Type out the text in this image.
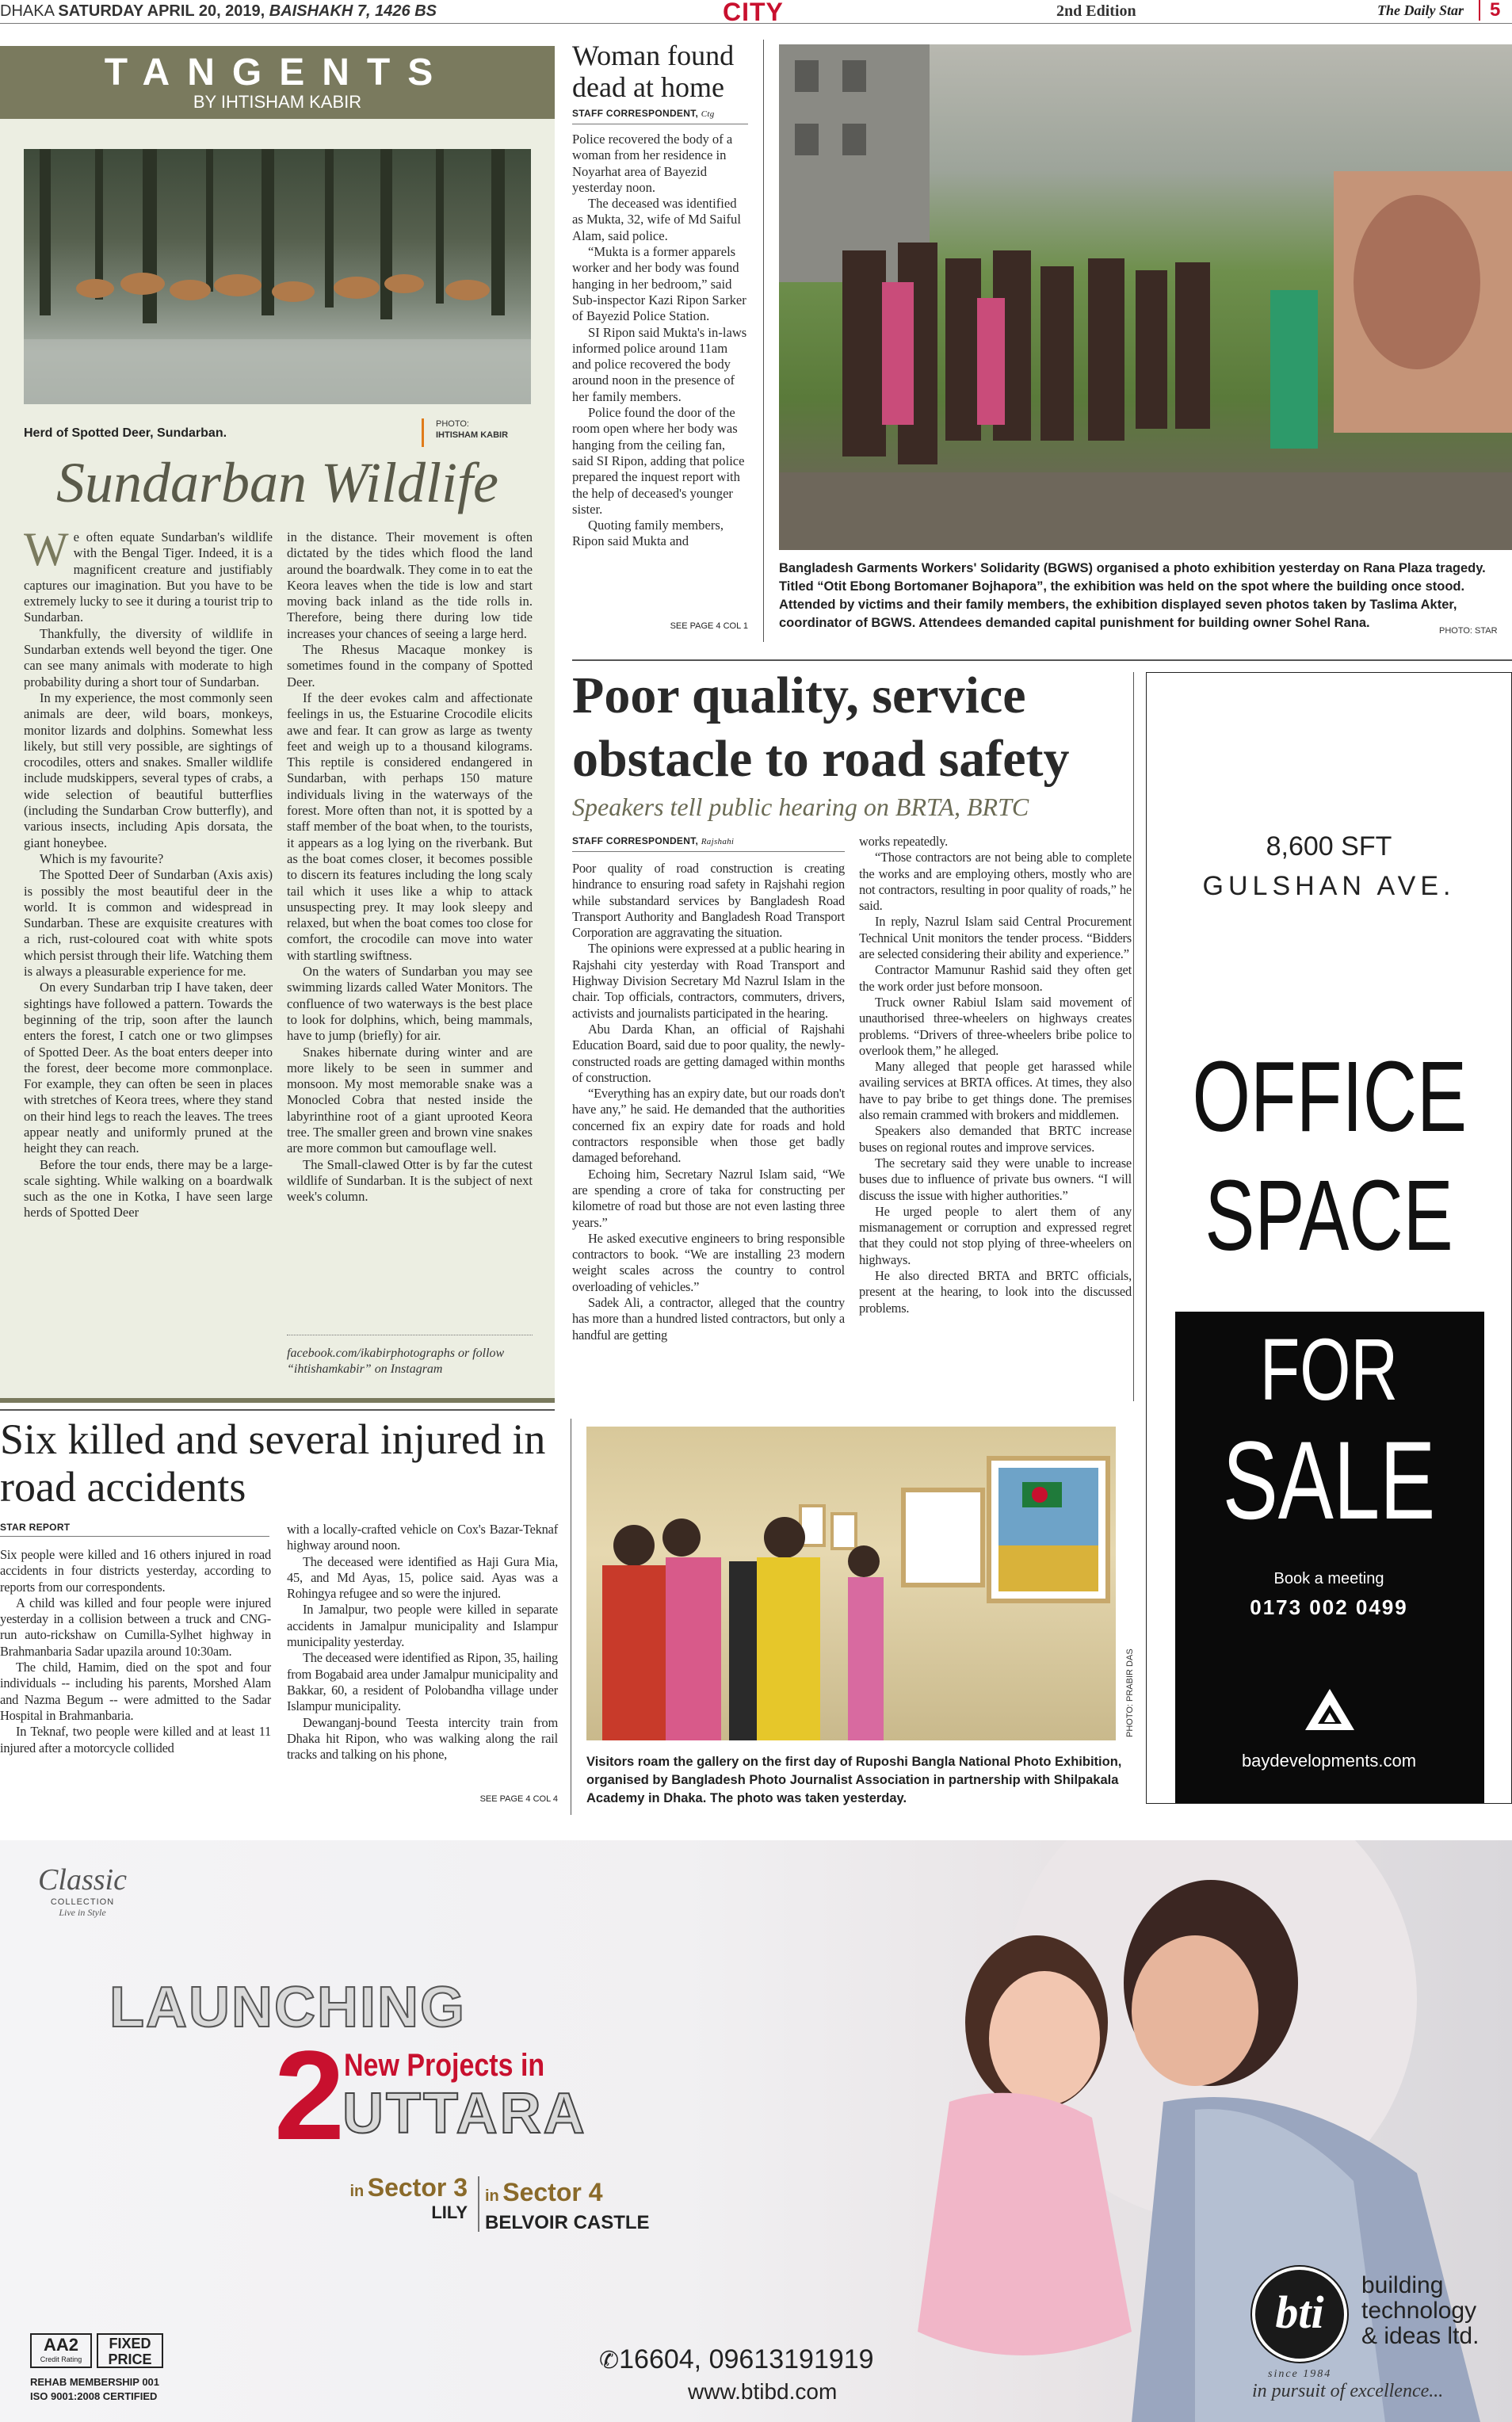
DHAKA SATURDAY APRIL 20, 2019, BAISHAKH 7, 1426 BS	CITY	2nd Edition	The Daily Star 5
TANGENTS
BY IHTISHAM KABIR
Herd of Spotted Deer, Sundarban.
PHOTO:
IHTISHAM KABIR
Sundarban Wildlife

We often equate Sundarban's wildlife with the Bengal Tiger. Indeed, it is a magnificent creature and justifiably captures our imagination. But you have to be extremely lucky to see it during a tourist trip to Sundarban.

Thankfully, the diversity of wildlife in Sundarban extends well beyond the tiger. One can see many animals with moderate to high probability during a short tour of Sundarban.

In my experience, the most commonly seen animals are deer, wild boars, monkeys, monitor lizards and dolphins. Somewhat less likely, but still very possible, are sightings of crocodiles, otters and snakes. Smaller wildlife include mudskippers, several types of crabs, a wide selection of beautiful butterflies (including the Sundarban Crow butterfly), and various insects, including Apis dorsata, the giant honeybee.

Which is my favourite?

The Spotted Deer of Sundarban (Axis axis) is possibly the most beautiful deer in the world. It is common and widespread in Sundarban. These are exquisite creatures with a rich, rust-coloured coat with white spots which persist through their life. Watching them is always a pleasurable experience for me.

On every Sundarban trip I have taken, deer sightings have followed a pattern. Towards the beginning of the trip, soon after the launch enters the forest, I catch one or two glimpses of Spotted Deer. As the boat enters deeper into the forest, deer become more commonplace. For example, they can often be seen in places with stretches of Keora trees, where they stand on their hind legs to reach the leaves. The trees appear neatly and uniformly pruned at the height they can reach.

Before the tour ends, there may be a large-scale sighting. While walking on a boardwalk such as the one in Kotka, I have seen large herds of Spotted Deer

in the distance. Their movement is often dictated by the tides which flood the land around the boardwalk. They come in to eat the Keora leaves when the tide is low and start moving back inland as the tide rolls in. Therefore, being there during low tide increases your chances of seeing a large herd.

The Rhesus Macaque monkey is sometimes found in the company of Spotted Deer.

If the deer evokes calm and affectionate feelings in us, the Estuarine Crocodile elicits awe and fear. It can grow as large as twenty feet and weigh up to a thousand kilograms. This reptile is considered endangered in Sundarban, with perhaps 150 mature individuals living in the waterways of the forest. More often than not, it is spotted by a staff member of the boat when, to the tourists, it appears as a log lying on the riverbank. But as the boat comes closer, it becomes possible to discern its features including the long scaly tail which it uses like a whip to attack unsuspecting prey. It may look sleepy and relaxed, but when the boat comes too close for comfort, the crocodile can move into water with startling swiftness.

On the waters of Sundarban you may see swimming lizards called Water Monitors. The confluence of two waterways is the best place to look for dolphins, which, being mammals, have to jump (briefly) for air.

Snakes hibernate during winter and are more likely to be seen in summer and monsoon. My most memorable snake was a Monocled Cobra that nested inside the labyrinthine root of a giant uprooted Keora tree. The smaller green and brown vine snakes are more common but camouflage well.

The Small-clawed Otter is by far the cutest wildlife of Sundarban. It is the subject of next week's column.

facebook.com/ikabirphotographs or follow “ihtishamkabir” on Instagram
Woman found dead at home
STAFF CORRESPONDENT, Ctg

Police recovered the body of a woman from her residence in Noyarhat area of Bayezid yesterday noon.

The deceased was identified as Mukta, 32, wife of Md Saiful Alam, said police.

“Mukta is a former apparels worker and her body was found hanging in her bedroom,” said Sub-inspector Kazi Ripon Sarker of Bayezid Police Station.

SI Ripon said Mukta's in-laws informed police around 11am and police recovered the body around noon in the presence of her family members.

Police found the door of the room open where her body was hanging from the ceiling fan, said SI Ripon, adding that police prepared the inquest report with the help of deceased's younger sister.

Quoting family members, Ripon said Mukta and

SEE PAGE 4 COL 1
Bangladesh Garments Workers' Solidarity (BGWS) organised a photo exhibition yesterday on Rana Plaza tragedy. Titled “Otit Ebong Bortomaner Bojhapora”, the exhibition was held on the spot where the building once stood. Attended by victims and their family members, the exhibition displayed seven photos taken by Taslima Akter, coordinator of BGWS. Attendees demanded capital punishment for building owner Sohel Rana.
PHOTO: STAR
Poor quality, service obstacle to road safety
Speakers tell public hearing on BRTA, BRTC
STAFF CORRESPONDENT, Rajshahi

Poor quality of road construction is creating hindrance to ensuring road safety in Rajshahi region while substandard services by Bangladesh Road Transport Authority and Bangladesh Road Transport Corporation are aggravating the situation.

The opinions were expressed at a public hearing in Rajshahi city yesterday with Road Transport and Highway Division Secretary Md Nazrul Islam in the chair. Top officials, contractors, commuters, drivers, activists and journalists participated in the hearing.

Abu Darda Khan, an official of Rajshahi Education Board, said due to poor quality, the newly-constructed roads are getting damaged within months of construction.

“Everything has an expiry date, but our roads don't have any,” he said. He demanded that the authorities concerned fix an expiry date for roads and hold contractors responsible when those get badly damaged beforehand.

Echoing him, Secretary Nazrul Islam said, “We are spending a crore of taka for constructing per kilometre of road but those are not even lasting three years.”

He asked executive engineers to bring responsible contractors to book. “We are installing 23 modern weight scales across the country to control overloading of vehicles.”

Sadek Ali, a contractor, alleged that the country has more than a hundred listed contractors, but only a handful are getting

works repeatedly.

“Those contractors are not being able to complete the works and are employing others, mostly who are not contractors, resulting in poor quality of roads,” he said.

In reply, Nazrul Islam said Central Procurement Technical Unit monitors the tender process. “Bidders are selected considering their ability and experience.”

Contractor Mamunur Rashid said they often get the work order just before monsoon.

Truck owner Rabiul Islam said movement of unauthorised three-wheelers on highways creates problems. “Drivers of three-wheelers bribe police to overlook them,” he alleged.

Many alleged that people get harassed while availing services at BRTA offices. At times, they also have to pay bribe to get things done. The premises also remain crammed with brokers and middlemen.

Speakers also demanded that BRTC increase buses on regional routes and improve services.

The secretary said they were unable to increase buses due to influence of private bus owners. “I will discuss the issue with higher authorities.”

He urged people to alert them of any mismanagement or corruption and expressed regret that they could not stop plying of three-wheelers on highways.

He also directed BRTA and BRTC officials, present at the hearing, to look into the discussed problems.

8,600 SFT
GULSHAN AVE.
OFFICE
SPACE
FOR
SALE
Book a meeting
0173 002 0499
baydevelopments.com
Six killed and several injured in road accidents
STAR REPORT

Six people were killed and 16 others injured in road accidents in four districts yesterday, according to reports from our correspondents.

A child was killed and four people were injured yesterday in a collision between a truck and CNG-run auto-rickshaw on Cumilla-Sylhet highway in Brahmanbaria Sadar upazila around 10:30am.

The child, Hamim, died on the spot and four individuals -- including his parents, Morshed Alam and Nazma Begum -- were admitted to the Sadar Hospital in Brahmanbaria.

In Teknaf, two people were killed and at least 11 injured after a motorcycle collided

with a locally-crafted vehicle on Cox's Bazar-Teknaf highway around noon.

The deceased were identified as Haji Gura Mia, 45, and Md Ayas, 15, police said. Ayas was a Rohingya refugee and so were the injured.

In Jamalpur, two people were killed in separate accidents in Jamalpur municipality and Islampur municipality yesterday.

The deceased were identified as Ripon, 35, hailing from Bogabaid area under Jamalpur municipality and Bakkar, 60, a resident of Polobandha village under Islampur municipality.

Dewanganj-bound Teesta intercity train from Dhaka hit Ripon, who was walking along the rail tracks and talking on his phone,

SEE PAGE 4 COL 4
PHOTO: PRABIR DAS
Visitors roam the gallery on the first day of Ruposhi Bangla National Photo Exhibition, organised by Bangladesh Photo Journalist Association in partnership with Shilpakala Academy in Dhaka. The photo was taken yesterday.
Classic
COLLECTION
Live in Style
LAUNCHING
2 New Projects in
UTTARA
in Sector 3
LILY
in Sector 4
BELVOIR CASTLE
AA2
Credit Rating
FIXED PRICE
REHAB MEMBERSHIP 001
ISO 9001:2008 CERTIFIED
✆16604, 09613191919
www.btibd.com
bti
since 1984
building
technology
& ideas ltd.
in pursuit of excellence...
